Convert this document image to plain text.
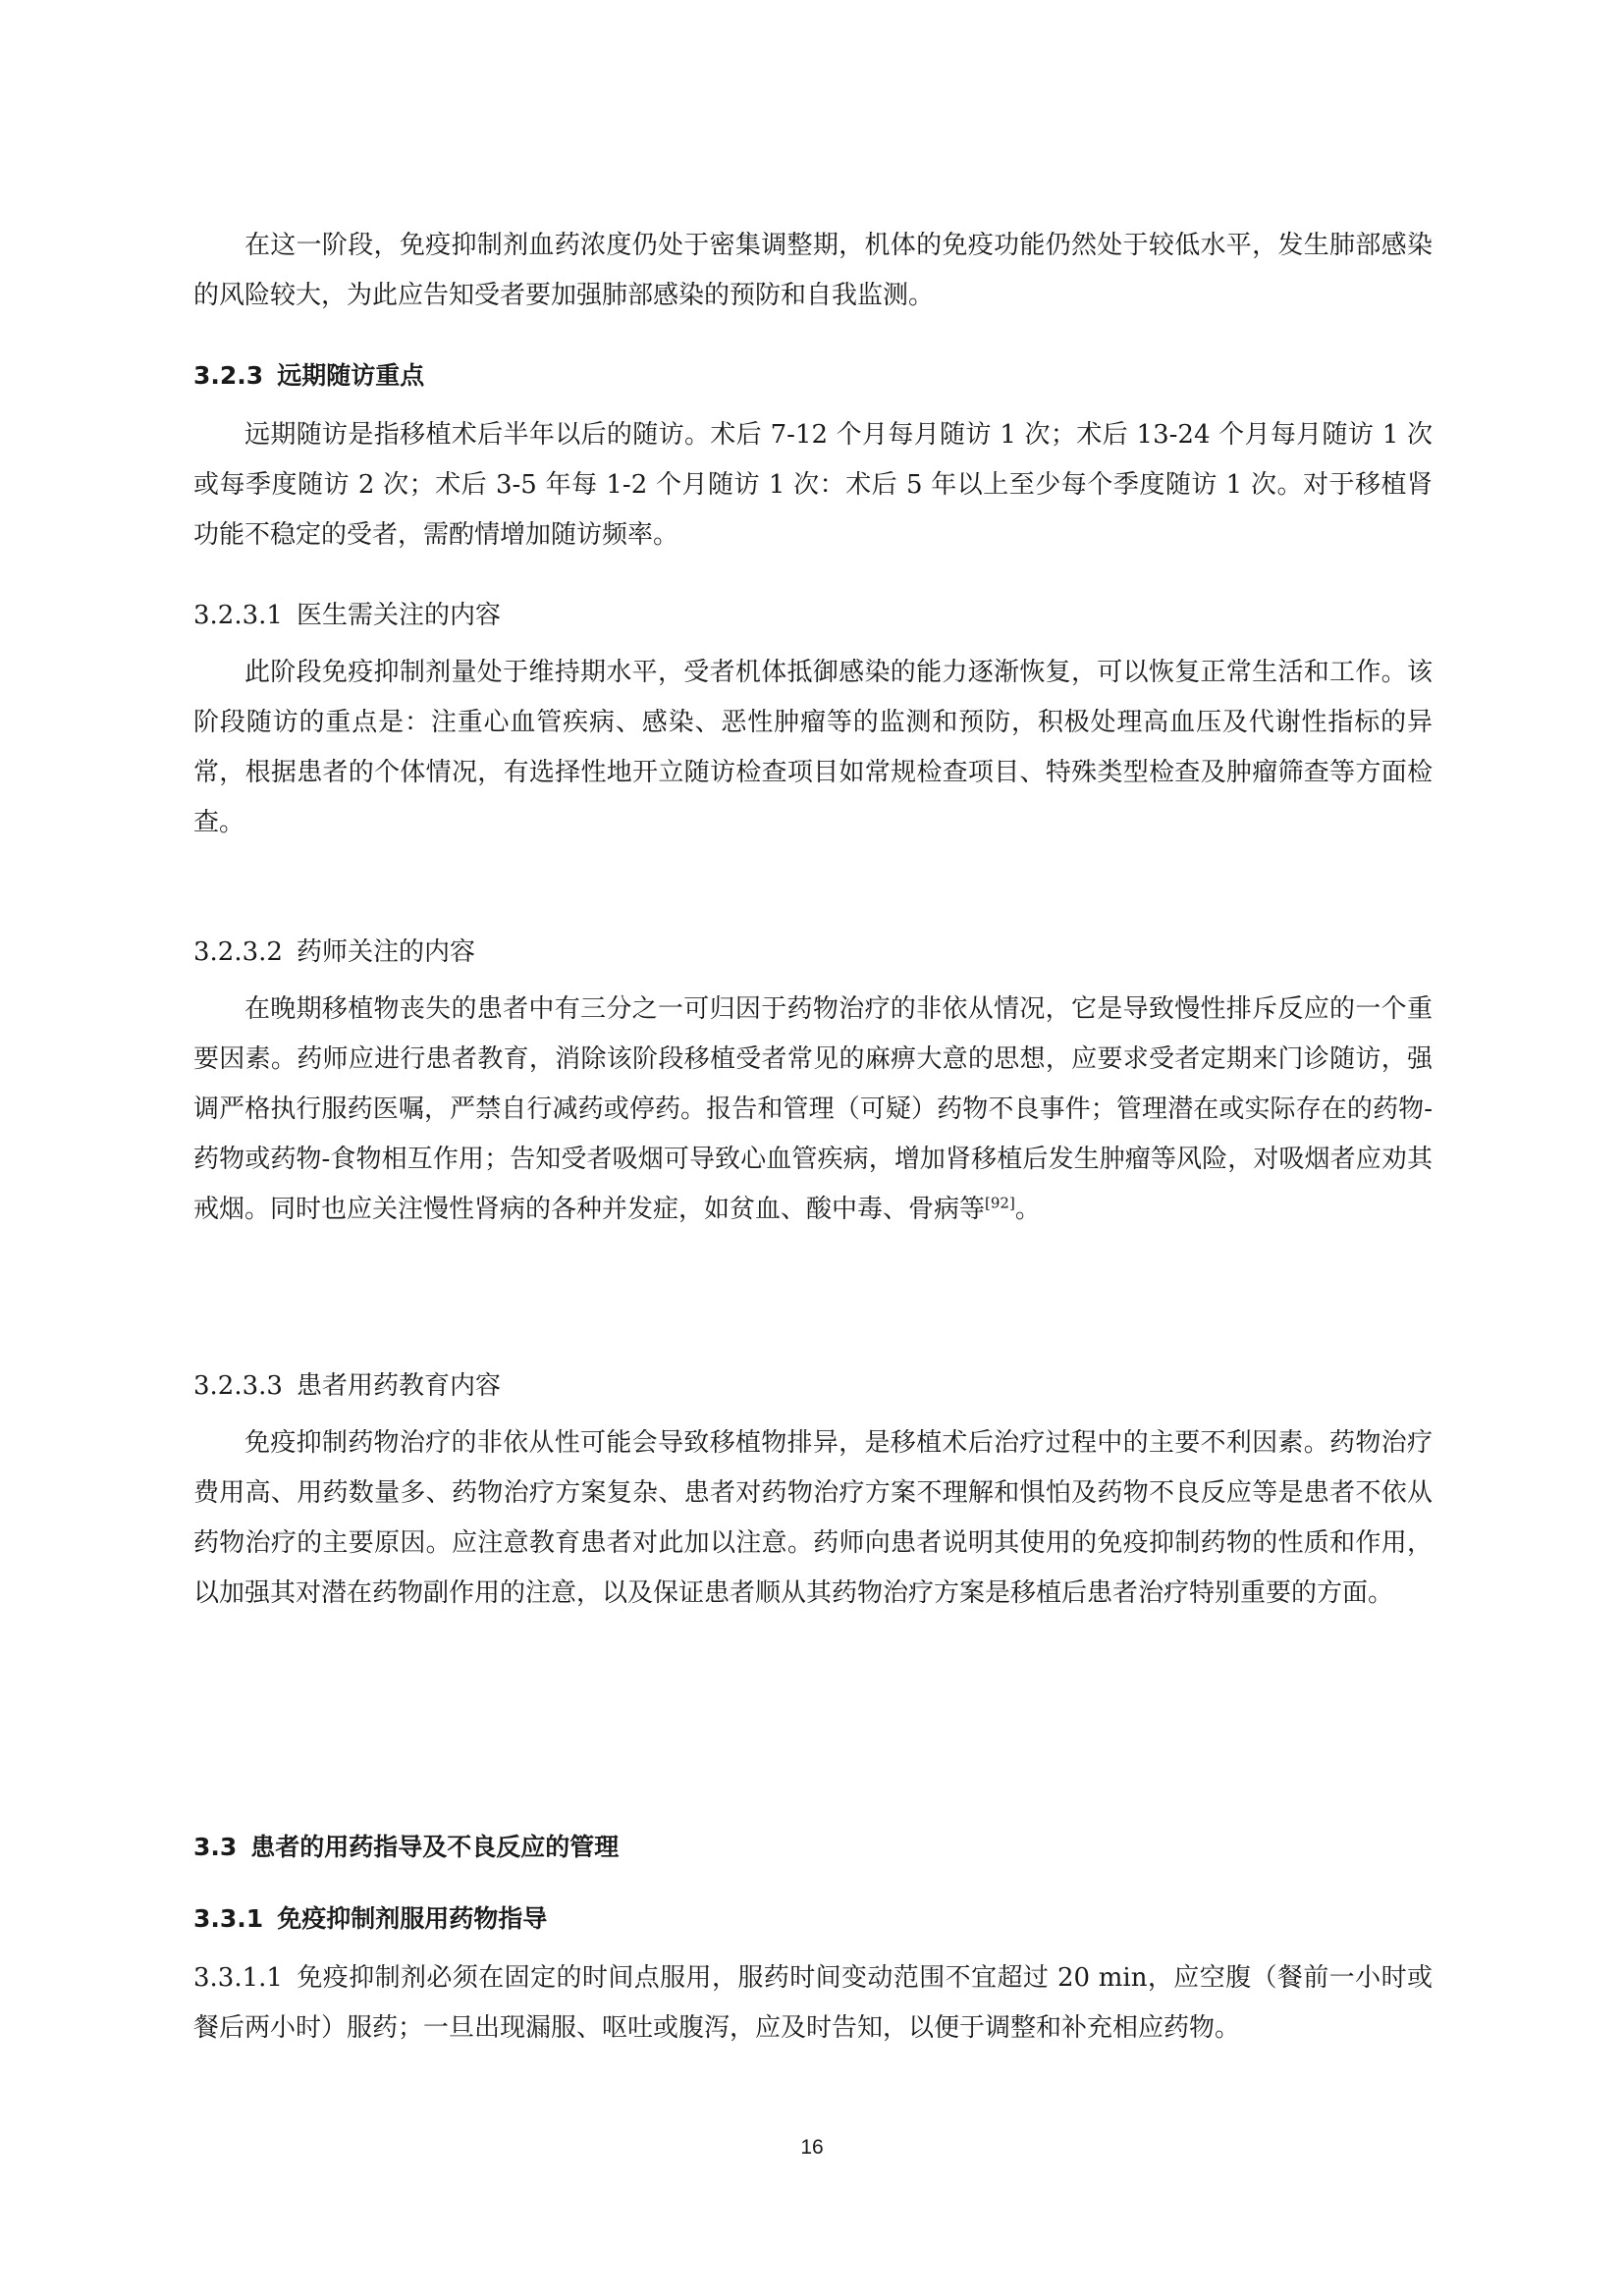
在这一阶段，免疫抑制剂血药浓度仍处于密集调整期，机体的免疫功能仍然处于较低水平，发生肺部感染的风险较大，为此应告知受者要加强肺部感染的预防和自我监测。

3.2.3 远期随访重点

远期随访是指移植术后半年以后的随访。术后 7-12 个月每月随访 1 次；术后 13-24 个月每月随访 1 次或每季度随访 2 次；术后 3-5 年每 1-2 个月随访 1 次：术后 5 年以上至少每个季度随访 1 次。对于移植肾功能不稳定的受者，需酌情增加随访频率。

3.2.3.1 医生需关注的内容

此阶段免疫抑制剂量处于维持期水平，受者机体抵御感染的能力逐渐恢复，可以恢复正常生活和工作。该阶段随访的重点是：注重心血管疾病、感染、恶性肿瘤等的监测和预防，积极处理高血压及代谢性指标的异常，根据患者的个体情况，有选择性地开立随访检查项目如常规检查项目、特殊类型检查及肿瘤筛查等方面检查。

3.2.3.2 药师关注的内容

在晚期移植物丧失的患者中有三分之一可归因于药物治疗的非依从情况，它是导致慢性排斥反应的一个重要因素。药师应进行患者教育，消除该阶段移植受者常见的麻痹大意的思想，应要求受者定期来门诊随访，强调严格执行服药医嘱，严禁自行减药或停药。报告和管理（可疑）药物不良事件；管理潜在或实际存在的药物-药物或药物-食物相互作用；告知受者吸烟可导致心血管疾病，增加肾移植后发生肿瘤等风险，对吸烟者应劝其戒烟。同时也应关注慢性肾病的各种并发症，如贫血、酸中毒、骨病等[92]。

3.2.3.3 患者用药教育内容

免疫抑制药物治疗的非依从性可能会导致移植物排异，是移植术后治疗过程中的主要不利因素。药物治疗费用高、用药数量多、药物治疗方案复杂、患者对药物治疗方案不理解和惧怕及药物不良反应等是患者不依从药物治疗的主要原因。应注意教育患者对此加以注意。药师向患者说明其使用的免疫抑制药物的性质和作用，以加强其对潜在药物副作用的注意，以及保证患者顺从其药物治疗方案是移植后患者治疗特别重要的方面。

3.3 患者的用药指导及不良反应的管理
3.3.1 免疫抑制剂服用药物指导

3.3.1.1 免疫抑制剂必须在固定的时间点服用，服药时间变动范围不宜超过 20 min，应空腹（餐前一小时或餐后两小时）服药；一旦出现漏服、呕吐或腹泻，应及时告知，以便于调整和补充相应药物。

16
